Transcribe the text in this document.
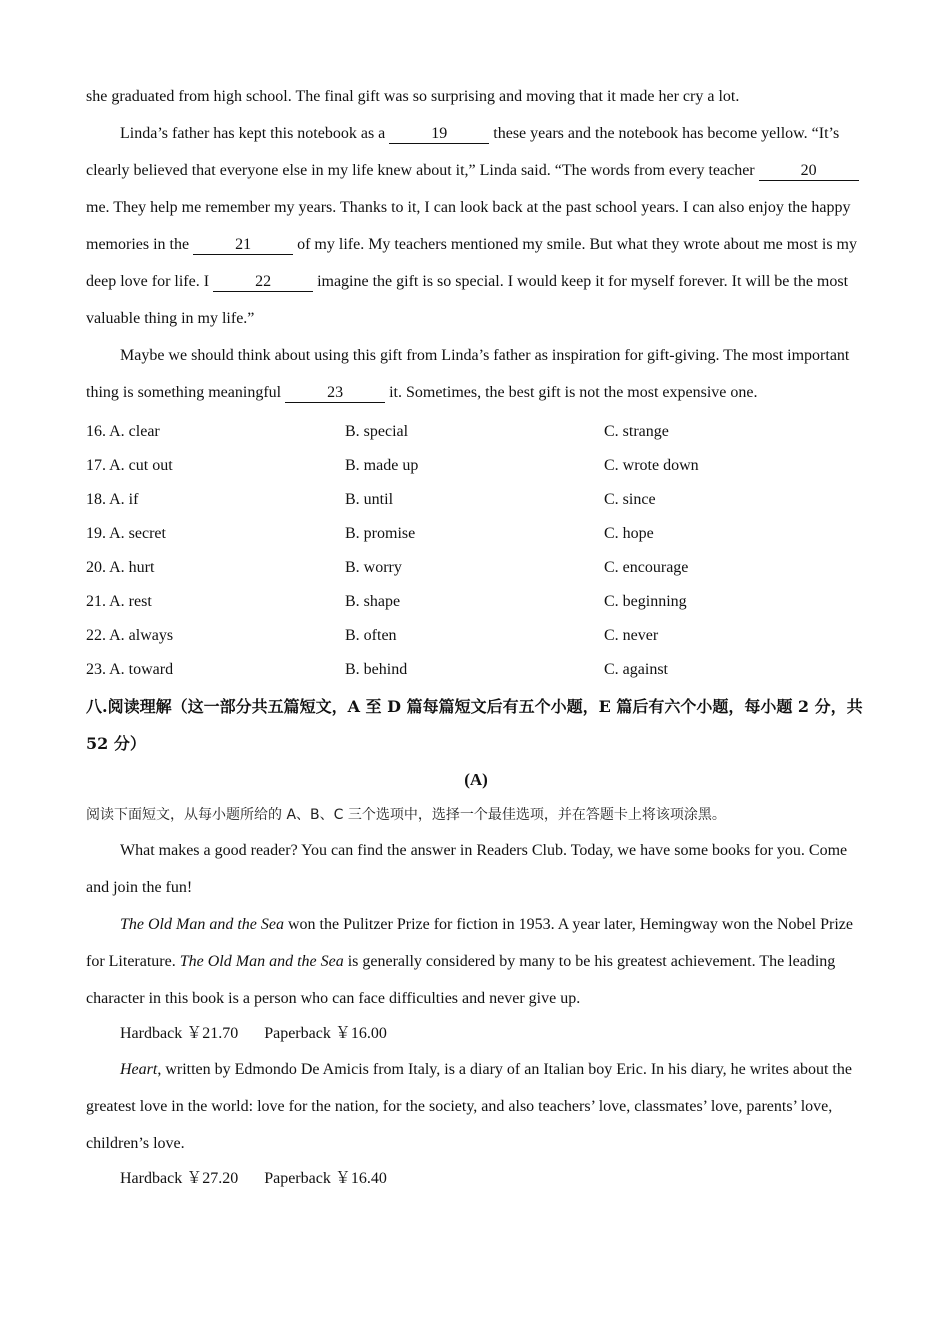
she graduated from high school. The final gift was so surprising and moving that it made her cry a lot.

Linda’s father has kept this notebook as a	19	these years and the notebook has become yellow. “It’s clearly believed that everyone else in my life knew about it,” Linda said. “The words from every teacher	20 me. They help me remember my years. Thanks to it, I can look back at the past school years. I can also enjoy the happy memories in the	21	of my life. My teachers mentioned my smile. But what they wrote about me most is my deep love for life. I	22	imagine the gift is so special. I would keep it for myself forever. It will be the most valuable thing in my life.”

Maybe we should think about using this gift from Linda’s father as inspiration for gift-giving. The most important thing is something meaningful	23	it. Sometimes, the best gift is not the most expensive one.

16. A. clear	B. special	C. strange
17. A. cut out	B. made up	C. wrote down
18. A. if	B. until	C. since
19. A. secret	B. promise	C. hope
20. A. hurt	B. worry	C. encourage
21. A. rest	B. shape	C. beginning
22. A. always	B. often	C. never
23. A. toward	B. behind	C. against

八.阅读理解（这一部分共五篇短文，A 至 D 篇每篇短文后有五个小题，E 篇后有六个小题，每小题 2 分，共 52 分）

(A)

阅读下面短文，从每小题所给的 A、B、C 三个选项中，选择一个最佳选项，并在答题卡上将该项涂黑。

What makes a good reader? You can find the answer in Readers Club. Today, we have some books for you. Come and join the fun!

The Old Man and the Sea won the Pulitzer Prize for fiction in 1953. A year later, Hemingway won the Nobel Prize for Literature. The Old Man and the Sea is generally considered by many to be his greatest achievement. The leading character in this book is a person who can face difficulties and never give up.

Hardback ￥21.70 Paperback ￥16.00

Heart, written by Edmondo De Amicis from Italy, is a diary of an Italian boy Eric. In his diary, he writes about the greatest love in the world: love for the nation, for the society, and also teachers’ love, classmates’ love, parents’ love, children’s love.

Hardback ￥27.20 Paperback ￥16.40
